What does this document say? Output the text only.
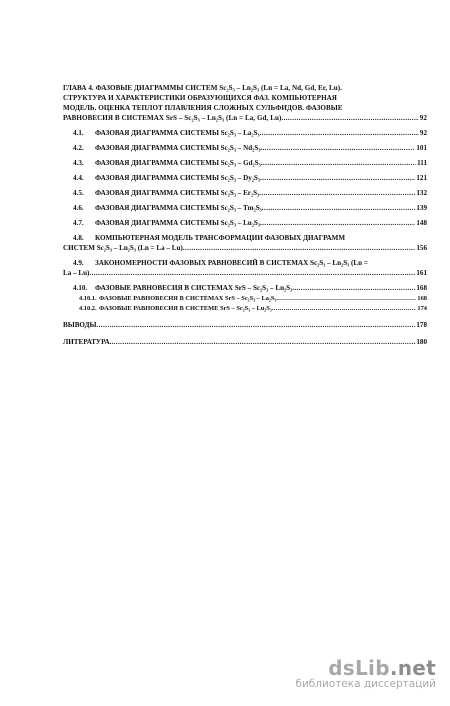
ГЛАВА 4. ФАЗОВЫЕ ДИАГРАММЫ СИСТЕМ Sc₂S₃ – Ln₂S₃ (Ln = La, Nd, Gd, Er, Lu).
СТРУКТУРА И ХАРАКТЕРИСТИКИ ОБРАЗУЮЩИХСЯ ФАЗ. КОМПЬЮТЕРНАЯ
МОДЕЛЬ. ОЦЕНКА ТЕПЛОТ ПЛАВЛЕНИЯ СЛОЖНЫХ СУЛЬФИДОВ. ФАЗОВЫЕ
РАВНОВЕСИЯ В СИСТЕМАХ SrS – Sc₂S₃ – Ln₂S₃ (Ln = La, Gd, Lu) .....	92
4.1.	ФАЗОВАЯ ДИАГРАММА СИСТЕМЫ Sc₂S₃ – La₂S₃ .....	92
4.2.	ФАЗОВАЯ ДИАГРАММА СИСТЕМЫ Sc₂S₃ – Nd₂S₃ .....	101
4.3.	ФАЗОВАЯ ДИАГРАММА СИСТЕМЫ Sc₂S₃ – Gd₂S₃ .....	111
4.4.	ФАЗОВАЯ ДИАГРАММА СИСТЕМЫ Sc₂S₃ – Dy₂S₃ .....	121
4.5.	ФАЗОВАЯ ДИАГРАММА СИСТЕМЫ Sc₂S₃ – Er₂S₃ .....	132
4.6.	ФАЗОВАЯ ДИАГРАММА СИСТЕМЫ Sc₂S₃ – Tm₂S₃ .....	139
4.7.	ФАЗОВАЯ ДИАГРАММА СИСТЕМЫ Sc₂S₃ – Lu₂S₃ .....	148
4.8.	КОМПЬЮТЕРНАЯ МОДЕЛЬ ТРАНСФОРМАЦИИ ФАЗОВЫХ ДИАГРАММ
СИСТЕМ Sc₂S₃ – Ln₂S₃ (Ln = La – Lu) .....	156
4.9.	ЗАКОНОМЕРНОСТИ ФАЗОВЫХ РАВНОВЕСИЙ В СИСТЕМАХ Sc₂S₃ – Ln₂S₃ (Ln =
La – Lu) .....	161
4.10.	ФАЗОВЫЕ РАВНОВЕСИЯ В СИСТЕМАХ SrS – Sc₂S₃ – Ln₂S₃ .....	168
4.10.1. ФАЗОВЫЕ РАВНОВЕСИЯ В СИСТЕМАХ SrS – Sc₂S₃ – La₂S₃ .....	168
4.10.2. ФАЗОВЫЕ РАВНОВЕСИЯ В СИСТЕМЕ SrS – Sc₂S₃ – Lu₂S₃ .....	174
ВЫВОДЫ .....	178
ЛИТЕРАТУРА. .....	180
dsLib.net
библиотека диссертаций
